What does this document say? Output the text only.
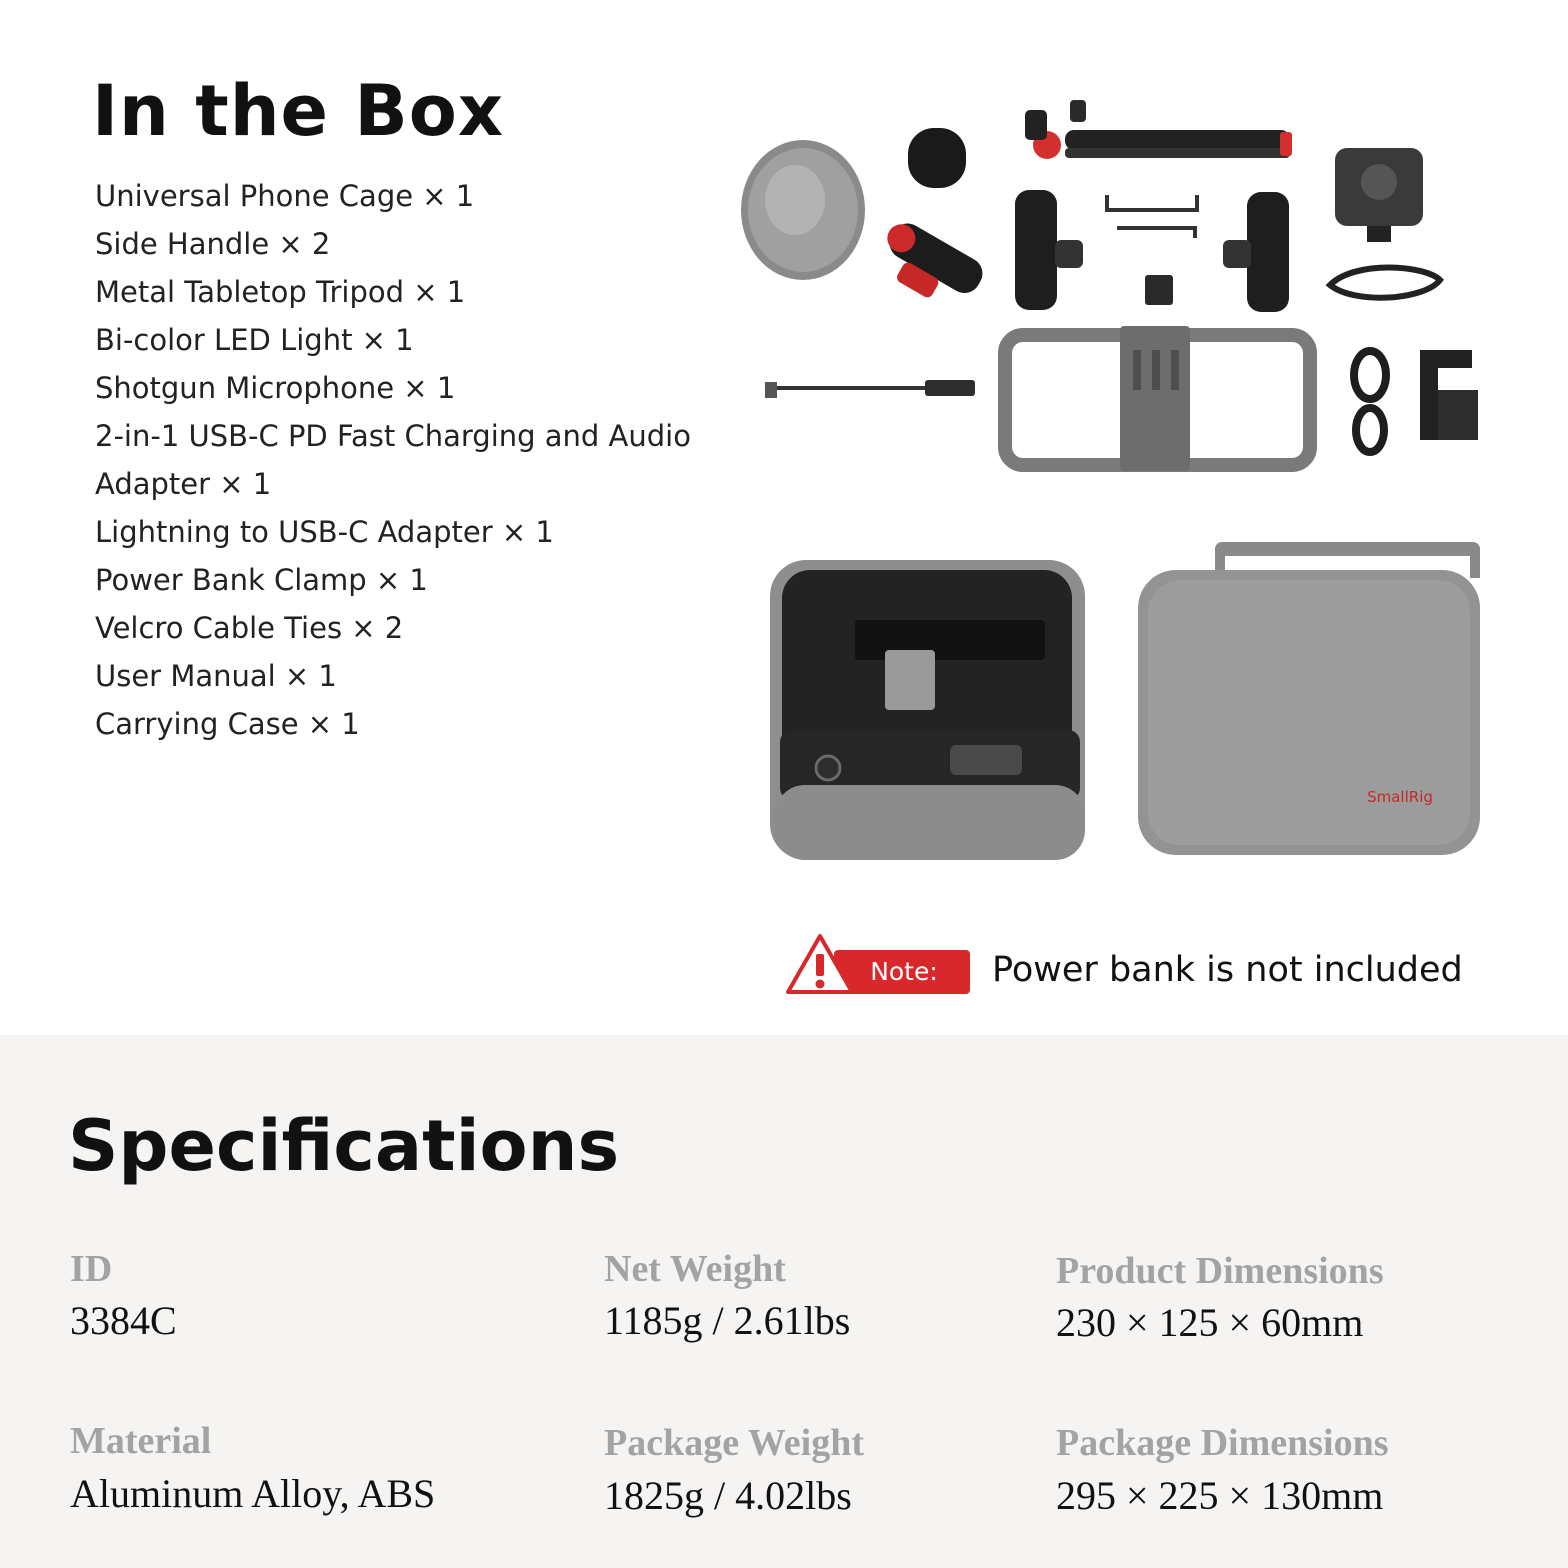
In the Box
Universal Phone Cage × 1
Side Handle × 2
Metal Tabletop Tripod × 1
Bi-color LED Light × 1
Shotgun Microphone × 1
2-in-1 USB-C PD Fast Charging and Audio Adapter × 1
Lightning to USB-C Adapter × 1
Power Bank Clamp × 1
Velcro Cable Ties × 2
User Manual × 1
Carrying Case × 1
SmallRig
Note: Power bank is not included
Specifications
ID
3384C
Net Weight
1185g / 2.61lbs
Product Dimensions
230 × 125 × 60mm
Material
Aluminum Alloy, ABS
Package Weight
1825g / 4.02lbs
Package Dimensions
295 × 225 × 130mm
